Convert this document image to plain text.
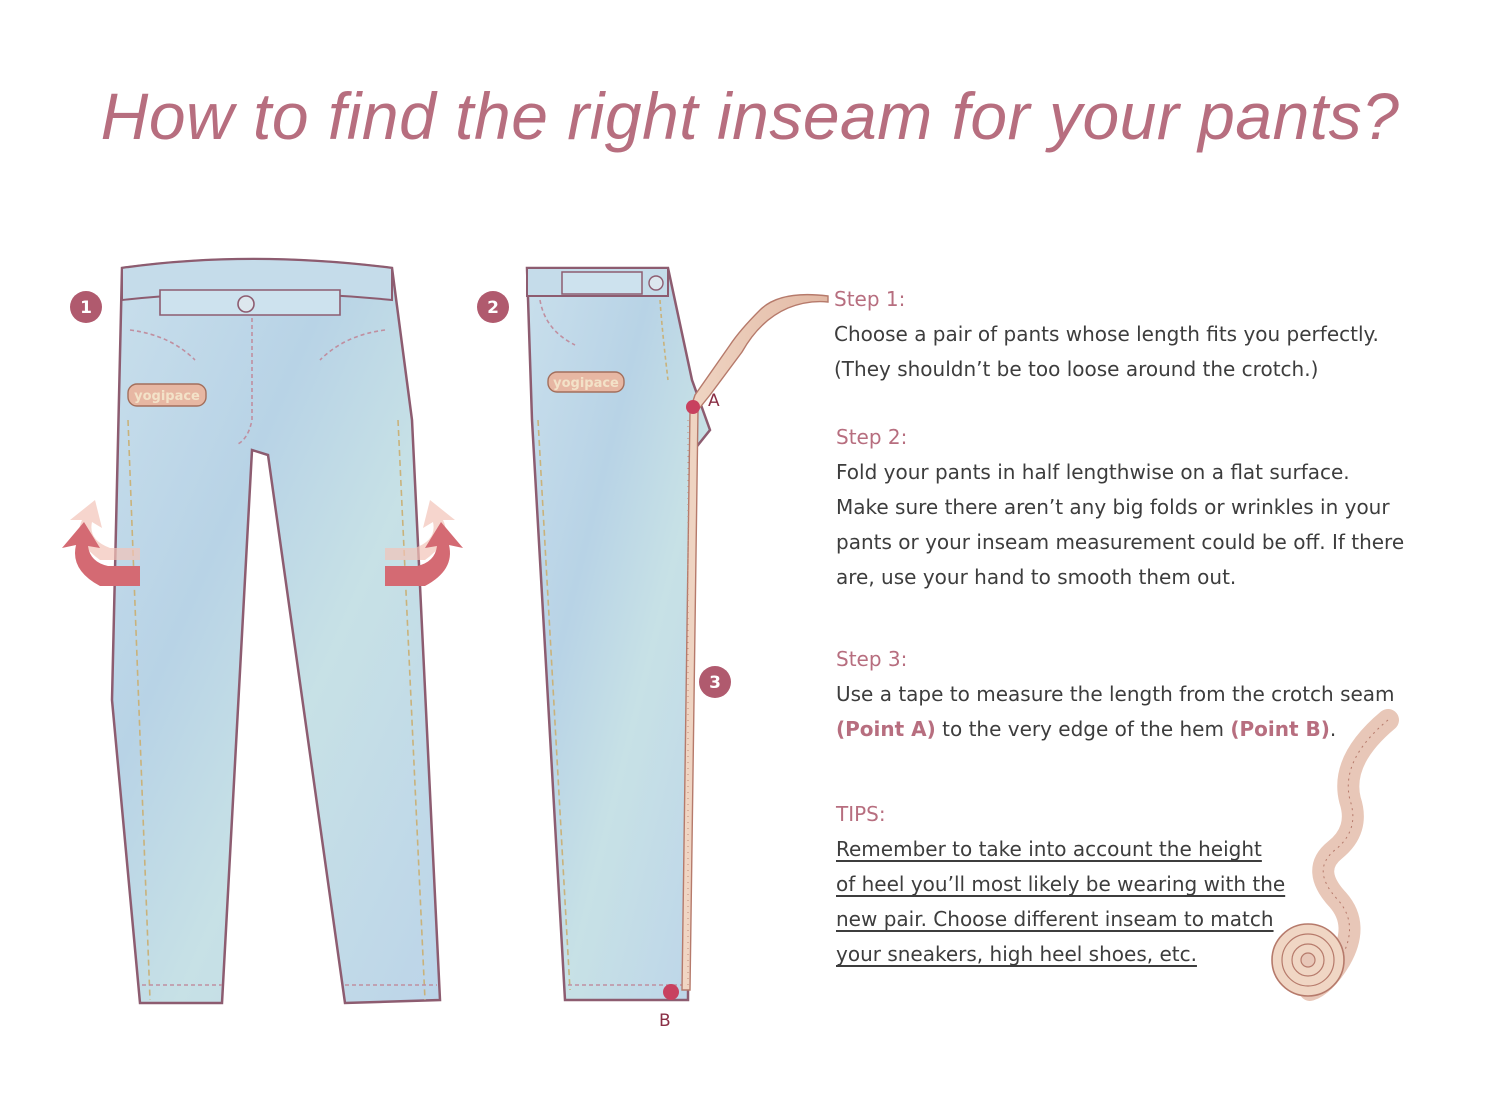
How to find the right inseam for your pants?
yogipace
yogipace
A
B
1	2
3
Step 1:

Choose a pair of pants whose length fits you perfectly.

(They shouldn’t be too loose around the crotch.)

Step 2:

Fold your pants in half lengthwise on a flat surface.

Make sure there aren’t any big folds or wrinkles in your

pants or your inseam measurement could be off. If there

are, use your hand to smooth them out.

Step 3:

Use a tape to measure the length from the crotch seam

(Point A) to the very edge of the hem (Point B).

TIPS:

Remember to take into account the height

of heel you’ll most likely be wearing with the

new pair. Choose different inseam to match

your sneakers, high heel shoes, etc.
